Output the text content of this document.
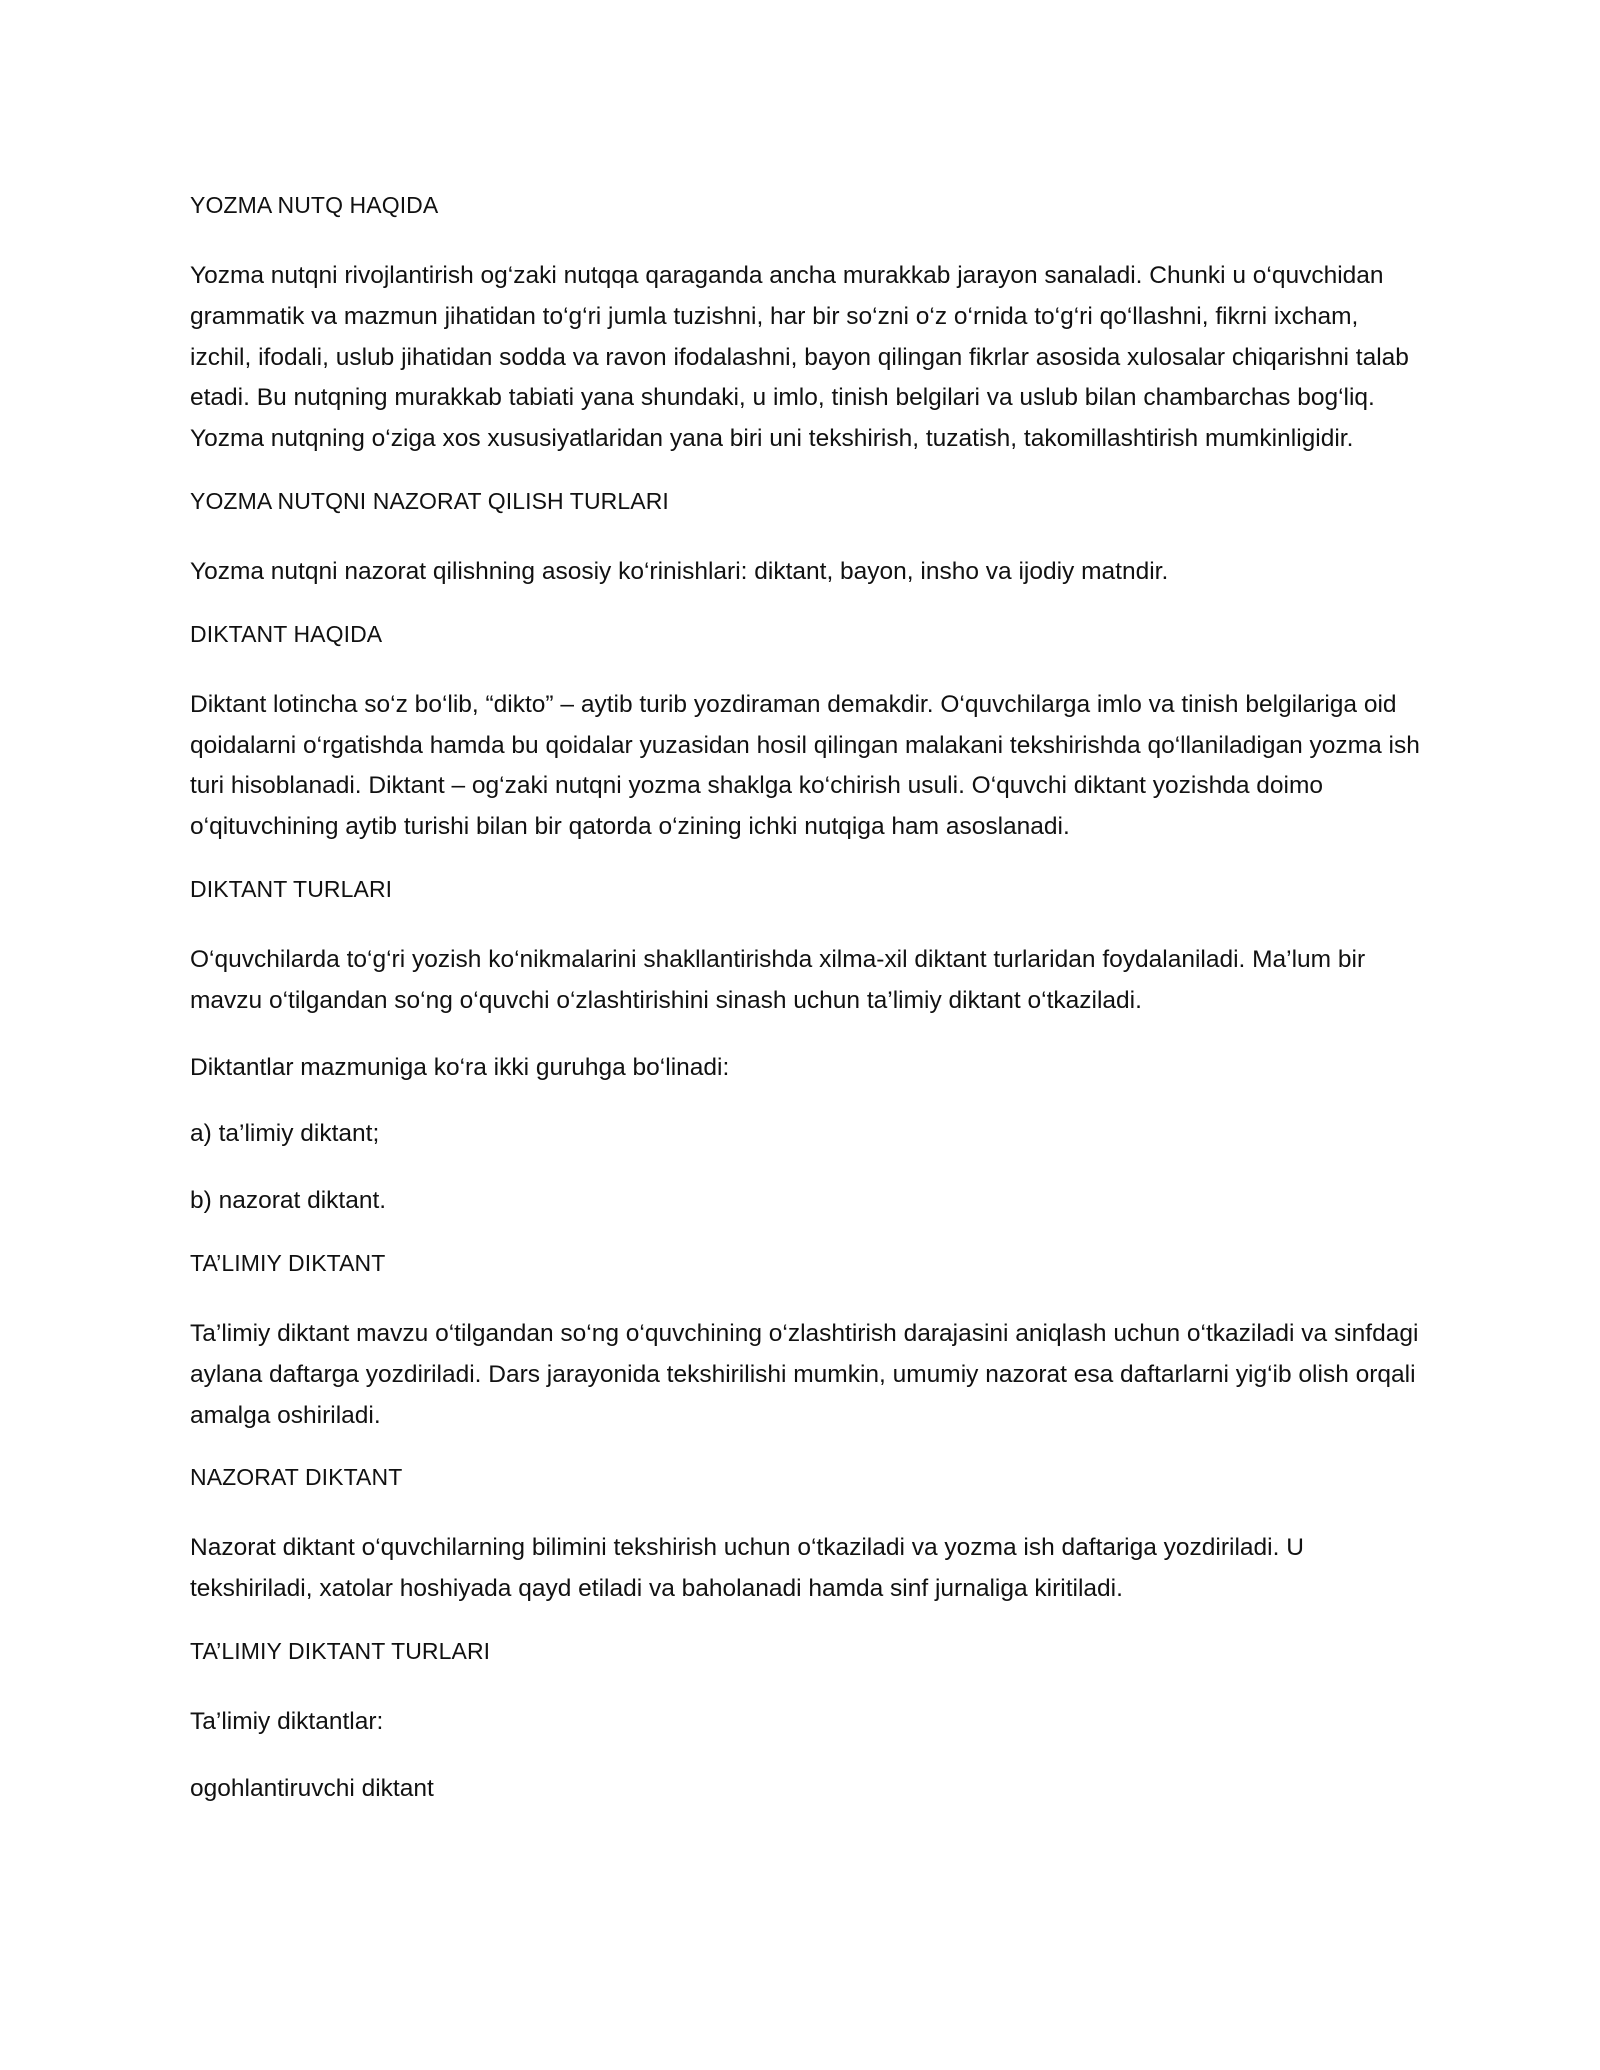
YOZMA NUTQ HAQIDA

Yozma nutqni rivojlantirish og‘zaki nutqqa qaraganda ancha murakkab jarayon sanaladi. Chunki u o‘quvchidan grammatik va mazmun jihatidan to‘g‘ri jumla tuzishni, har bir so‘zni o‘z o‘rnida to‘g‘ri qo‘llashni, fikrni ixcham, izchil, ifodali, uslub jihatidan sodda va ravon ifodalashni, bayon qilingan fikrlar asosida xulosalar chiqarishni talab etadi. Bu nutqning murakkab tabiati yana shundaki, u imlo, tinish belgilari va uslub bilan chambarchas bog‘liq. Yozma nutqning o‘ziga xos xususiyatlaridan yana biri uni tekshirish, tuzatish, takomillashtirish mumkinligidir.

YOZMA NUTQNI NAZORAT QILISH TURLARI

Yozma nutqni nazorat qilishning asosiy ko‘rinishlari: diktant, bayon, insho va ijodiy matndir.

DIKTANT HAQIDA

Diktant lotincha so‘z bo‘lib, “dikto” – aytib turib yozdiraman demakdir. O‘quvchilarga imlo va tinish belgilariga oid qoidalarni o‘rgatishda hamda bu qoidalar yuzasidan hosil qilingan malakani tekshirishda qo‘llaniladigan yozma ish turi hisoblanadi. Diktant – og‘zaki nutqni yozma shaklga ko‘chirish usuli. O‘quvchi diktant yozishda doimo o‘qituvchining aytib turishi bilan bir qatorda o‘zining ichki nutqiga ham asoslanadi.

DIKTANT TURLARI

O‘quvchilarda to‘g‘ri yozish ko‘nikmalarini shakllantirishda xilma-xil diktant turlaridan foydalaniladi. Ma’lum bir mavzu o‘tilgandan so‘ng o‘quvchi o‘zlashtirishini sinash uchun ta’limiy diktant o‘tkaziladi.

Diktantlar mazmuniga ko‘ra ikki guruhga bo‘linadi:

a) ta’limiy diktant;

b) nazorat diktant.

TA’LIMIY DIKTANT

Ta’limiy diktant mavzu o‘tilgandan so‘ng o‘quvchining o‘zlashtirish darajasini aniqlash uchun o‘tkaziladi va sinfdagi aylana daftarga yozdiriladi. Dars jarayonida tekshirilishi mumkin, umumiy nazorat esa daftarlarni yig‘ib olish orqali amalga oshiriladi.

NAZORAT DIKTANT

Nazorat diktant o‘quvchilarning bilimini tekshirish uchun o‘tkaziladi va yozma ish daftariga yozdiriladi. U tekshiriladi, xatolar hoshiyada qayd etiladi va baholanadi hamda sinf jurnaliga kiritiladi.

TA’LIMIY DIKTANT TURLARI

Ta’limiy diktantlar:

ogohlantiruvchi diktant
